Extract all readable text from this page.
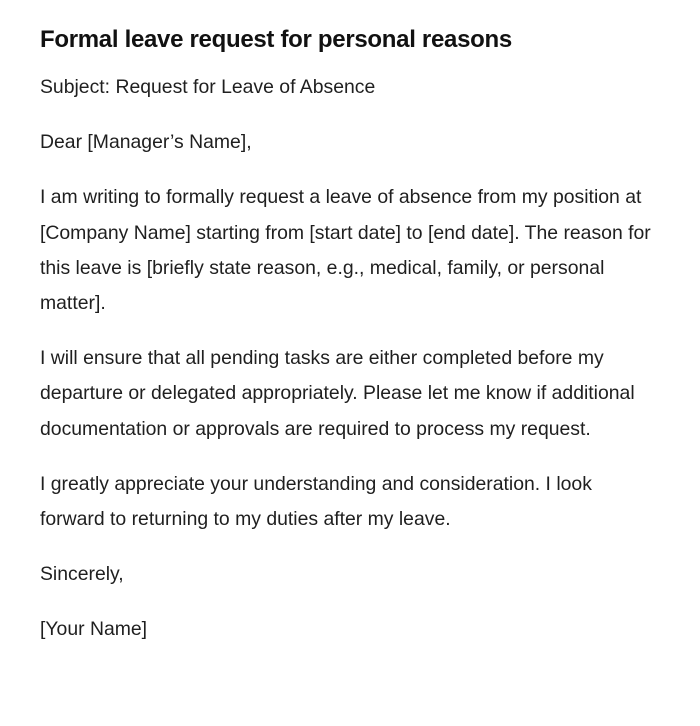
Formal leave request for personal reasons

Subject: Request for Leave of Absence

Dear [Manager’s Name],

I am writing to formally request a leave of absence from my position at [Company Name] starting from [start date] to [end date]. The reason for this leave is [briefly state reason, e.g., medical, family, or personal matter].

I will ensure that all pending tasks are either completed before my departure or delegated appropriately. Please let me know if additional documentation or approvals are required to process my request.

I greatly appreciate your understanding and consideration. I look forward to returning to my duties after my leave.

Sincerely,

[Your Name]
